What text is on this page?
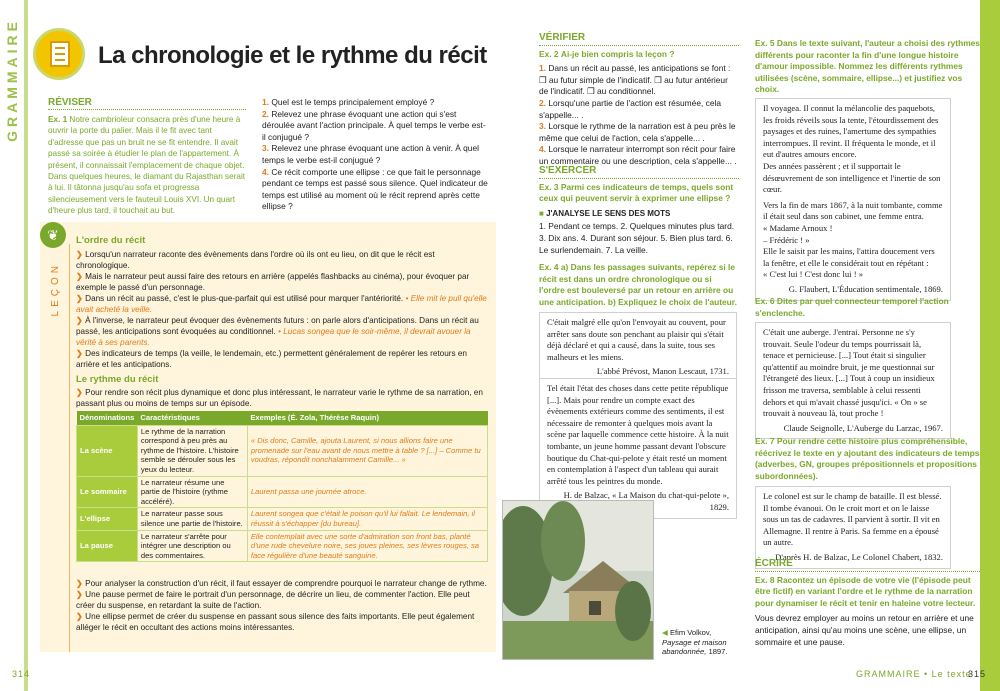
GRAMMAIRE	La chronologie et le rythme du récit
RÉVISER
Ex. 1 Notre cambrioleur consacra près d'une heure à ouvrir la porte du palier. Mais il le fit avec tant d'adresse que pas un bruit ne se fit entendre. Il avait passé sa soirée à étudier le plan de l'appartement. À présent, il connaissait l'emplacement de chaque objet. Dans quelques heures, le diamant du Rajasthan serait à lui. Il tâtonna jusqu'au sofa et progressa silencieusement vers le fauteuil Louis XVI. Un quart d'heure plus tard, il touchait au but.
1. Quel est le temps principalement employé ?
2. Relevez une phrase évoquant une action qui s'est déroulée avant l'action principale. À quel temps le verbe est-il conjugué ?
3. Relevez une phrase évoquant une action à venir. À quel temps le verbe est-il conjugué ?
4. Ce récit comporte une ellipse : ce que fait le personnage pendant ce temps est passé sous silence. Quel indicateur de temps est utilisé au moment où le récit reprend après cette ellipse ?
❦
LEÇON
L'ordre du récit
❯ Lorsqu'un narrateur raconte des évènements dans l'ordre où ils ont eu lieu, on dit que le récit est chronologique.
❯ Mais le narrateur peut aussi faire des retours en arrière (appelés flashbacks au cinéma), pour évoquer par exemple le passé d'un personnage.
❯ Dans un récit au passé, c'est le plus-que-parfait qui est utilisé pour marquer l'antériorité. • Elle mit le pull qu'elle avait acheté la veille.
❯ À l'inverse, le narrateur peut évoquer des évènements futurs : on parle alors d'anticipations. Dans un récit au passé, les anticipations sont évoquées au conditionnel. • Lucas songea que le soir-même, il devrait avouer la vérité à ses parents.
❯ Des indicateurs de temps (la veille, le lendemain, etc.) permettent généralement de repérer les retours en arrière et les anticipations.
Le rythme du récit
❯ Pour rendre son récit plus dynamique et donc plus intéressant, le narrateur varie le rythme de sa narration, en passant plus ou moins de temps sur un épisode.
Dénominations	Caractéristiques	Exemples (É. Zola, Thérèse Raquin)
La scène	Le rythme de la narration correspond à peu près au rythme de l'histoire. L'histoire semble se dérouler sous les yeux du lecteur.	« Dis donc, Camille, ajouta Laurent, si nous allions faire une promenade sur l'eau avant de nous mettre à table ? [...] – Comme tu voudras, répondit nonchalamment Camille... »
Le sommaire	Le narrateur résume une partie de l'histoire (rythme accéléré).	Laurent passa une journée atroce.
L'ellipse	Le narrateur passe sous silence une partie de l'histoire.	Laurent songea que c'était le poison qu'il lui fallait. Le lendemain, il réussit à s'échapper [du bureau].
La pause	Le narrateur s'arrête pour intégrer une description ou des commentaires.	Elle contemplait avec une sorte d'admiration son front bas, planté d'une rude chevelure noire, ses joues pleines, ses lèvres rouges, sa face régulière d'une beauté sanguine.
❯ Pour analyser la construction d'un récit, il faut essayer de comprendre pourquoi le narrateur change de rythme.
❯ Une pause permet de faire le portrait d'un personnage, de décrire un lieu, de commenter l'action. Elle peut créer du suspense, en retardant la suite de l'action.
❯ Une ellipse permet de créer du suspense en passant sous silence des faits importants. Elle peut également alléger le récit en occultant des actions moins intéressantes.
314
VÉRIFIER
Ex. 2 Ai-je bien compris la leçon ?
1. Dans un récit au passé, les anticipations se font : ❒ au futur simple de l'indicatif. ❒ au futur antérieur de l'indicatif. ❒ au conditionnel.
2. Lorsqu'une partie de l'action est résumée, cela s'appelle... .
3. Lorsque le rythme de la narration est à peu près le même que celui de l'action, cela s'appelle... .
4. Lorsque le narrateur interrompt son récit pour faire un commentaire ou une description, cela s'appelle... .
S'EXERCER
Ex. 3 Parmi ces indicateurs de temps, quels sont ceux qui peuvent servir à exprimer une ellipse ?
■ J'ANALYSE LE SENS DES MOTS
1. Pendant ce temps. 2. Quelques minutes plus tard. 3. Dix ans. 4. Durant son séjour. 5. Bien plus tard. 6. Le surlendemain. 7. La veille.
Ex. 4 a) Dans les passages suivants, repérez si le récit est dans un ordre chronologique ou si l'ordre est bouleversé par un retour en arrière ou une anticipation. b) Expliquez le choix de l'auteur.
C'était malgré elle qu'on l'envoyait au couvent, pour arrêter sans doute son penchant au plaisir qui s'était déjà déclaré et qui a causé, dans la suite, tous ses malheurs et les miens.
L'abbé Prévost, Manon Lescaut, 1731.
Tel était l'état des choses dans cette petite république [...]. Mais pour rendre un compte exact des évènements extérieurs comme des sentiments, il est nécessaire de remonter à quelques mois avant la scène par laquelle commence cette histoire. À la nuit tombante, un jeune homme passant devant l'obscure boutique du Chat-qui-pelote y était resté un moment en contemplation à l'aspect d'un tableau qui aurait arrêté tous les peintres du monde.
H. de Balzac, « La Maison du chat-qui-pelote », 1829.
◀ Efim Volkov,
Paysage et maison abandonnée, 1897.
Ex. 5 Dans le texte suivant, l'auteur a choisi des rythmes différents pour raconter la fin d'une longue histoire d'amour impossible. Nommez les différents rythmes utilisées (scène, sommaire, ellipse...) et justifiez vos choix.
Il voyagea. Il connut la mélancolie des paquebots, les froids réveils sous la tente, l'étourdissement des paysages et des ruines, l'amertume des sympathies interrompues. Il revint. Il fréquenta le monde, et il eut d'autres amours encore.
Des années passèrent ; et il supportait le désœuvrement de son intelligence et l'inertie de son cœur.
Vers la fin de mars 1867, à la nuit tombante, comme il était seul dans son cabinet, une femme entra.
« Madame Arnoux !
– Frédéric ! »
Elle le saisit par les mains, l'attira doucement vers la fenêtre, et elle le considérait tout en répétant :
« C'est lui ! C'est donc lui ! »
G. Flaubert, L'Éducation sentimentale, 1869.
Ex. 6 Dites par quel connecteur temporel l'action s'enclenche.
C'était une auberge. J'entrai. Personne ne s'y trouvait. Seule l'odeur du temps pourrissait là, tenace et pernicieuse. [...] Tout était si singulier qu'attentif au moindre bruit, je me questionnai sur l'étrangeté des lieux. [...] Tout à coup un insidieux frisson me traversa, semblable à celui ressenti dehors et qui m'avait chassé jusqu'ici. « On » se trouvait à nouveau là, tout proche !
Claude Seignolle, L'Auberge du Larzac, 1967.
Ex. 7 Pour rendre cette histoire plus compréhensible, réécrivez le texte en y ajoutant des indicateurs de temps (adverbes, GN, groupes prépositionnels et propositions subordonnées).
Le colonel est sur le champ de bataille. Il est blessé. Il tombe évanoui. On le croit mort et on le laisse sous un tas de cadavres. Il parvient à sortir. Il vit en Allemagne. Il rentre à Paris. Sa femme en a épousé un autre.
D'après H. de Balzac, Le Colonel Chabert, 1832.
ÉCRIRE
Ex. 8 Racontez un épisode de votre vie (l'épisode peut être fictif) en variant l'ordre et le rythme de la narration pour dynamiser le récit et tenir en haleine votre lecteur.
Vous devrez employer au moins un retour en arrière et une anticipation, ainsi qu'au moins une scène, une ellipse, un sommaire et une pause.
GRAMMAIRE • Le texte
315
